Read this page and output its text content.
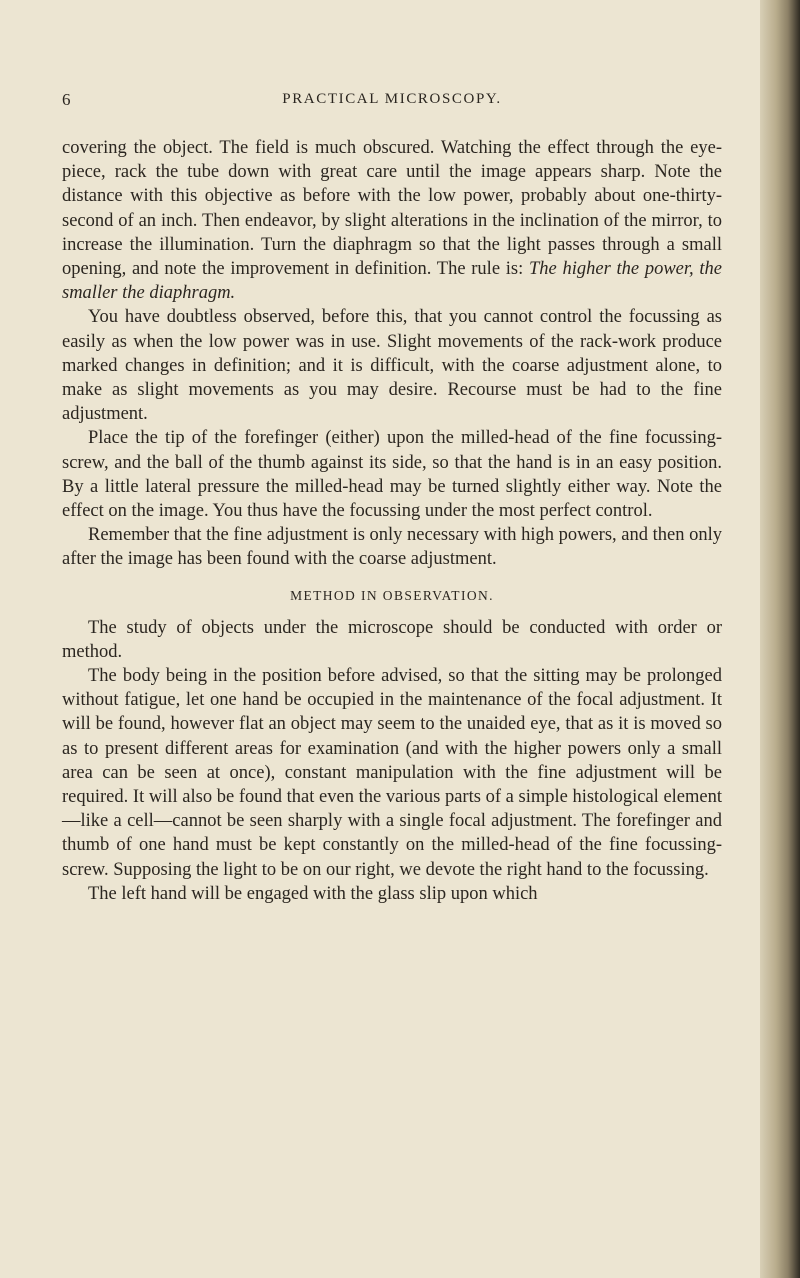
6	PRACTICAL MICROSCOPY.

covering the object. The field is much obscured. Watching the effect through the eye-piece, rack the tube down with great care until the image appears sharp. Note the distance with this objective as before with the low power, probably about one-thirty-second of an inch. Then endeavor, by slight alterations in the inclination of the mirror, to increase the illumination. Turn the diaphragm so that the light passes through a small opening, and note the improvement in definition. The rule is: The higher the power, the smaller the diaphragm.

You have doubtless observed, before this, that you cannot control the focussing as easily as when the low power was in use. Slight movements of the rack-work produce marked changes in definition; and it is difficult, with the coarse adjustment alone, to make as slight movements as you may desire. Recourse must be had to the fine adjustment.

Place the tip of the forefinger (either) upon the milled-head of the fine focussing-screw, and the ball of the thumb against its side, so that the hand is in an easy position. By a little lateral pressure the milled-head may be turned slightly either way. Note the effect on the image. You thus have the focussing under the most perfect control.

Remember that the fine adjustment is only necessary with high powers, and then only after the image has been found with the coarse adjustment.

METHOD IN OBSERVATION.

The study of objects under the microscope should be conducted with order or method.

The body being in the position before advised, so that the sitting may be prolonged without fatigue, let one hand be occupied in the maintenance of the focal adjustment. It will be found, however flat an object may seem to the unaided eye, that as it is moved so as to present different areas for examination (and with the higher powers only a small area can be seen at once), constant manipulation with the fine adjustment will be required. It will also be found that even the various parts of a simple histological element—like a cell—cannot be seen sharply with a single focal adjustment. The forefinger and thumb of one hand must be kept constantly on the milled-head of the fine focussing-screw. Supposing the light to be on our right, we devote the right hand to the focussing.

The left hand will be engaged with the glass slip upon which
